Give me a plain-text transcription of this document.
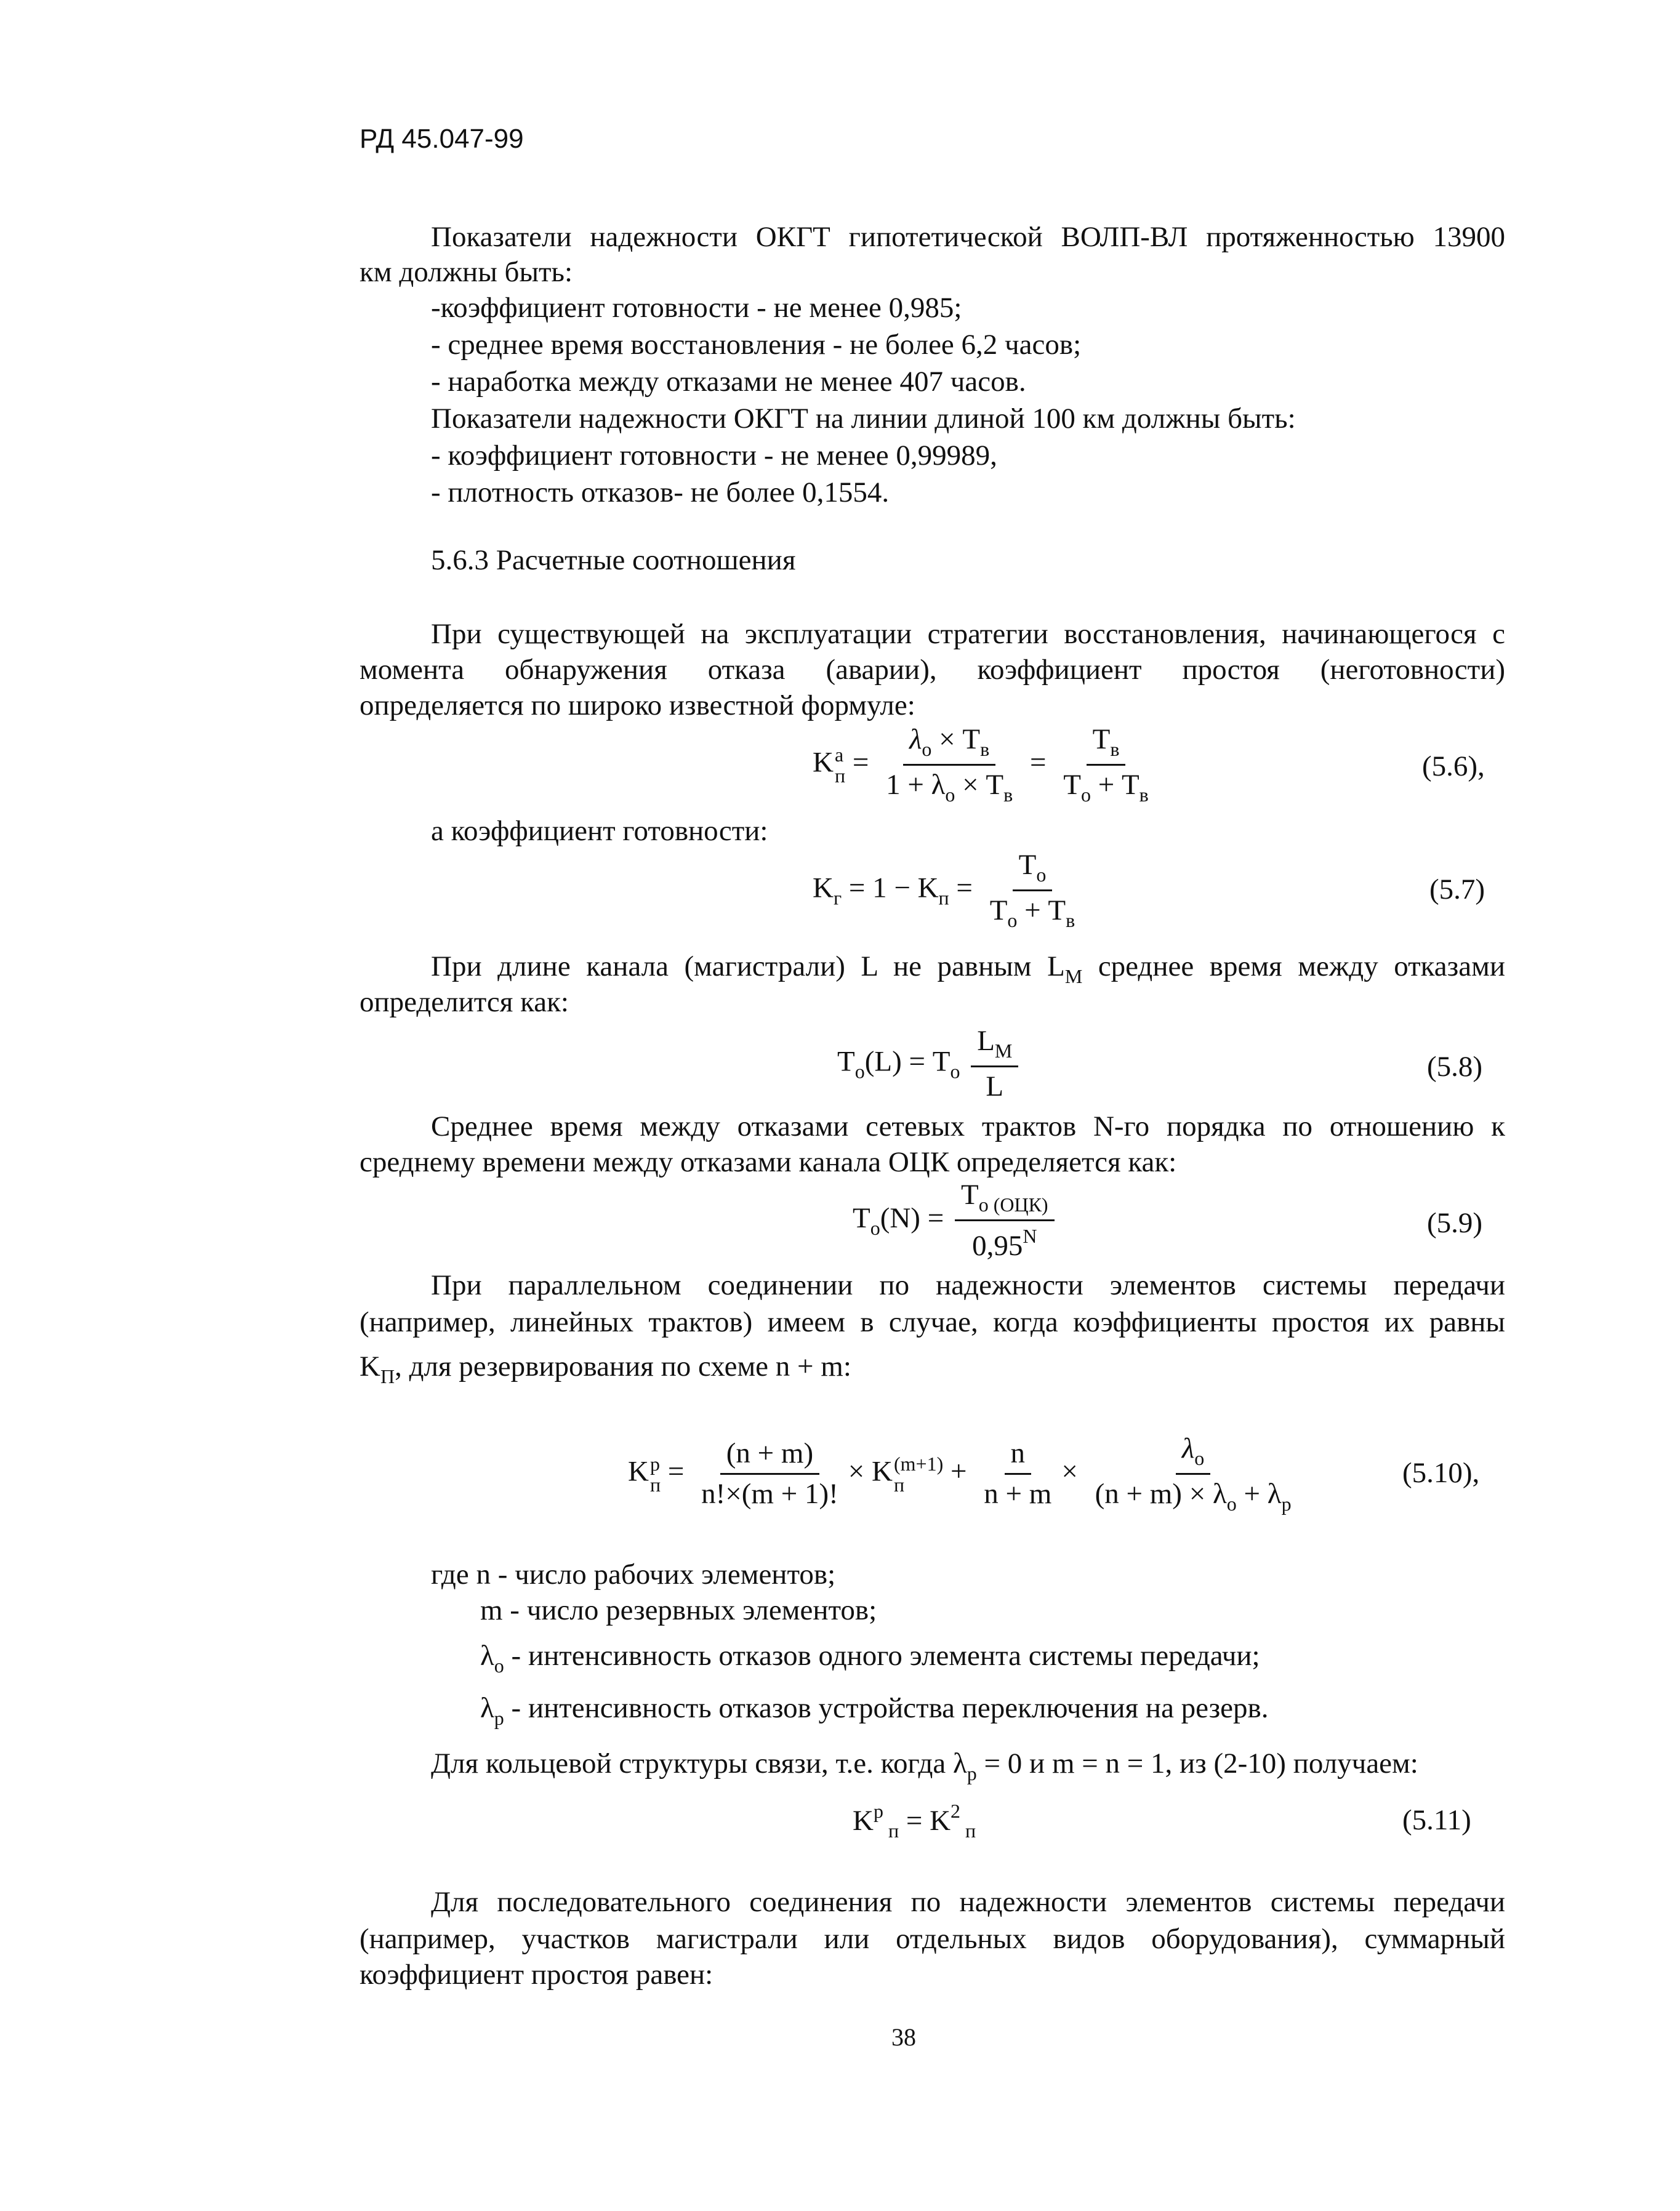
РД 45.047-99
Показатели надежности ОКГТ гипотетической ВОЛП-ВЛ протяженностью 13900
км должны быть:
-коэффициент готовности - не менее 0,985;
- среднее время восстановления - не более 6,2 часов;
- наработка между отказами не менее 407 часов.
Показатели надежности ОКГТ на линии длиной 100 км должны быть:
- коэффициент готовности - не менее 0,99989,
- плотность отказов- не более 0,1554.
5.6.3 Расчетные соотношения
При существующей на эксплуатации стратегии восстановления, начинающегося с
момента обнаружения отказа (аварии), коэффициент простоя (неготовности)
определяется по широко известной формуле:
K a
$п = \frac{\lambda_о \times T_в}{1 + \lambda_о \times T_в} = \frac{T_в}{T_о + T_в}$	(5.6),
а коэффициент готовности:
$K_г = 1 - K_п = \frac{T_о}{T_о + T_в}$	(5.7)
При длине канала (магистрали) L не равным $L_М$ среднее время между отказами
определится как:
$T_о(L) = T_о \frac{L_М}{L}$	(5.8)
Среднее время между отказами сетевых трактов N-го порядка по отношению к
среднему времени между отказами канала ОЦК определяется как:
$T_о(N) = \frac{T_{о (ОЦК)}}{0,95^N}$	(5.9)
При параллельном соединении по надежности элементов системы передачи
(например, линейных трактов) имеем в случае, когда коэффициенты простоя их равны
$K_П$, для резервирования по схеме n + m:
K р
$п = \frac{(n + m)}{n!\times(m + 1)!} \times K$ (m+1)
п	+ $\frac{n}{n + m} \times \frac{\lambda_о}{(n + m) \times \lambda_о + \lambda_р}$	(5.10),
где n - число рабочих элементов;
m - число резервных элементов;
$\lambda_о$ - интенсивность отказов одного элемента системы передачи;
$\lambda_р$ - интенсивность отказов устройства переключения на резерв.
Для кольцевой структуры связи, т.е. когда $\lambda_р = 0$ и m = n = 1, из (2-10) получаем:
$K^р$ $_п = K^2$ $_п$	(5.11)
Для последовательного соединения по надежности элементов системы передачи
(например, участков магистрали или отдельных видов оборудования), суммарный
коэффициент простоя равен:
38
